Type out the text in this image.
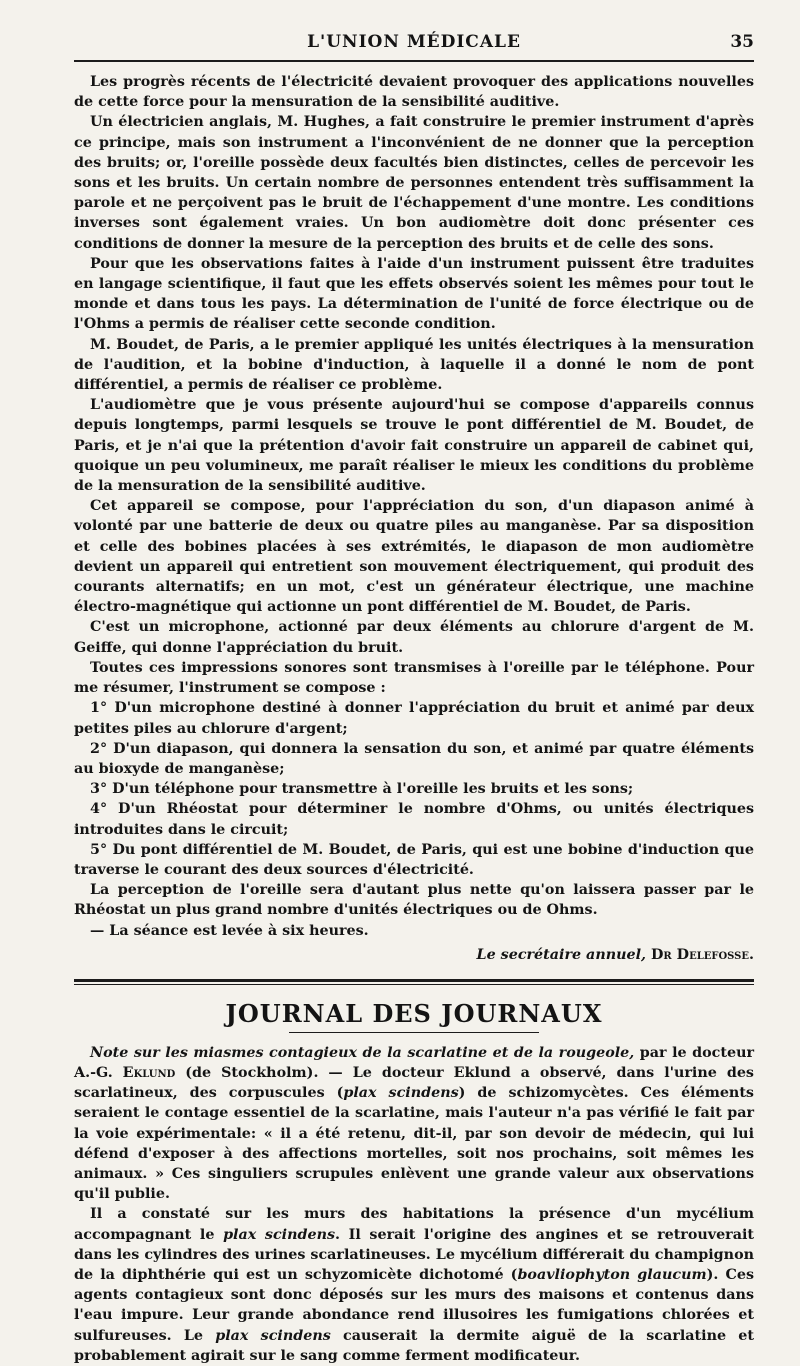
L'UNION MÉDICALE	35

Les progrès récents de l'électricité devaient provoquer des applications nouvelles de cette force pour la mensuration de la sensibilité auditive.

Un électricien anglais, M. Hughes, a fait construire le premier instrument d'après ce principe, mais son instrument a l'inconvénient de ne donner que la perception des bruits; or, l'oreille possède deux facultés bien distinctes, celles de percevoir les sons et les bruits. Un certain nombre de personnes entendent très suffisamment la parole et ne perçoivent pas le bruit de l'échappement d'une montre. Les conditions inverses sont également vraies. Un bon audiomètre doit donc présenter ces conditions de donner la mesure de la perception des bruits et de celle des sons.

Pour que les observations faites à l'aide d'un instrument puissent être traduites en langage scientifique, il faut que les effets observés soient les mêmes pour tout le monde et dans tous les pays. La détermination de l'unité de force électrique ou de l'Ohms a permis de réaliser cette seconde condition.

M. Boudet, de Paris, a le premier appliqué les unités électriques à la mensuration de l'audition, et la bobine d'induction, à laquelle il a donné le nom de pont différentiel, a permis de réaliser ce problème.

L'audiomètre que je vous présente aujourd'hui se compose d'appareils connus depuis longtemps, parmi lesquels se trouve le pont différentiel de M. Boudet, de Paris, et je n'ai que la prétention d'avoir fait construire un appareil de cabinet qui, quoique un peu volumineux, me paraît réaliser le mieux les conditions du problème de la mensuration de la sensibilité auditive.

Cet appareil se compose, pour l'appréciation du son, d'un diapason animé à volonté par une batterie de deux ou quatre piles au manganèse. Par sa disposition et celle des bobines placées à ses extrémités, le diapason de mon audiomètre devient un appareil qui entretient son mouvement électriquement, qui produit des courants alternatifs; en un mot, c'est un générateur électrique, une machine électro-magnétique qui actionne un pont différentiel de M. Boudet, de Paris.

C'est un microphone, actionné par deux éléments au chlorure d'argent de M. Geiffe, qui donne l'appréciation du bruit.

Toutes ces impressions sonores sont transmises à l'oreille par le téléphone. Pour me résumer, l'instrument se compose :

1° D'un microphone destiné à donner l'appréciation du bruit et animé par deux petites piles au chlorure d'argent;

2° D'un diapason, qui donnera la sensation du son, et animé par quatre éléments au bioxyde de manganèse;

3° D'un téléphone pour transmettre à l'oreille les bruits et les sons;

4° D'un Rhéostat pour déterminer le nombre d'Ohms, ou unités électriques introduites dans le circuit;

5° Du pont différentiel de M. Boudet, de Paris, qui est une bobine d'induction que traverse le courant des deux sources d'électricité.

La perception de l'oreille sera d'autant plus nette qu'on laissera passer par le Rhéostat un plus grand nombre d'unités électriques ou de Ohms.

— La séance est levée à six heures.

Le secrétaire annuel, Dr Delefosse.
JOURNAL DES JOURNAUX

Note sur les miasmes contagieux de la scarlatine et de la rougeole, par le docteur A.-G. Eklund (de Stockholm). — Le docteur Eklund a observé, dans l'urine des scarlatineux, des corpuscules (plax scindens) de schizomycètes. Ces éléments seraient le contage essentiel de la scarlatine, mais l'auteur n'a pas vérifié le fait par la voie expérimentale: « il a été retenu, dit-il, par son devoir de médecin, qui lui défend d'exposer à des affections mortelles, soit nos prochains, soit mêmes les animaux. » Ces singuliers scrupules enlèvent une grande valeur aux observations qu'il publie.

Il a constaté sur les murs des habitations la présence d'un mycélium accompagnant le plax scindens. Il serait l'origine des angines et se retrouverait dans les cylindres des urines scarlatineuses. Le mycélium différerait du champignon de la diphthérie qui est un schyzomicète dichotomé (boavliophyton glaucum). Ces agents contagieux sont donc déposés sur les murs des maisons et contenus dans l'eau impure. Leur grande abondance rend illusoires les fumigations chlorées et sulfureuses. Le plax scindens causerait la dermite aiguë de la scarlatine et probablement agirait sur le sang comme ferment modificateur.
